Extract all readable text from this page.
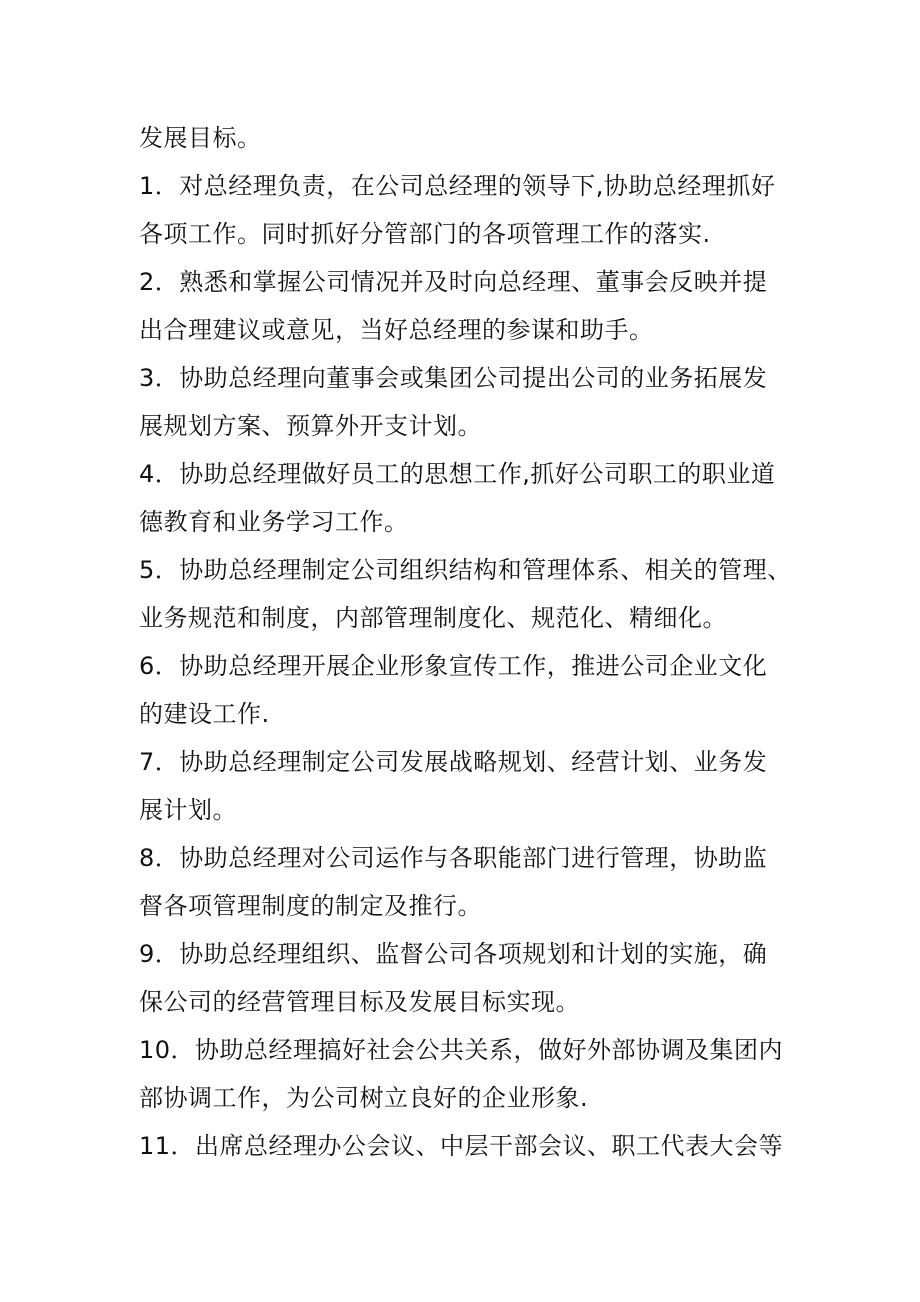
发展目标。
1．对总经理负责，在公司总经理的领导下,协助总经理抓好
各项工作。同时抓好分管部门的各项管理工作的落实.
2．熟悉和掌握公司情况并及时向总经理、董事会反映并提
出合理建议或意见，当好总经理的参谋和助手。
3．协助总经理向董事会或集团公司提出公司的业务拓展发
展规划方案、预算外开支计划。
4．协助总经理做好员工的思想工作,抓好公司职工的职业道
德教育和业务学习工作。
5．协助总经理制定公司组织结构和管理体系、相关的管理、
业务规范和制度，内部管理制度化、规范化、精细化。
6．协助总经理开展企业形象宣传工作，推进公司企业文化
的建设工作.
7．协助总经理制定公司发展战略规划、经营计划、业务发
展计划。
8．协助总经理对公司运作与各职能部门进行管理，协助监
督各项管理制度的制定及推行。
9．协助总经理组织、监督公司各项规划和计划的实施，确
保公司的经营管理目标及发展目标实现。
10．协助总经理搞好社会公共关系，做好外部协调及集团内
部协调工作，为公司树立良好的企业形象.
11．出席总经理办公会议、中层干部会议、职工代表大会等
